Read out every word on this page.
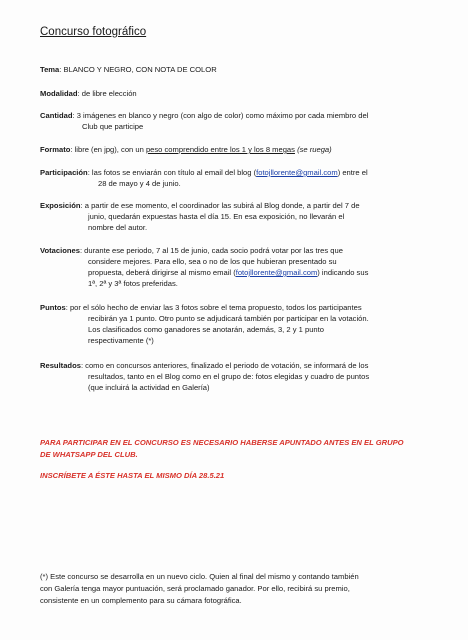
Concurso fotográfico
Tema: BLANCO Y NEGRO, CON NOTA DE COLOR
Modalidad: de libre elección
Cantidad: 3 imágenes en blanco y negro (con algo de color) como máximo por cada miembro del
Club que participe
Formato: libre (en jpg), con un peso comprendido entre los 1 y los 8 megas (se ruega)
Participación: las fotos se enviarán con título al email del blog (fotojllorente@gmail.com) entre el
28 de mayo y 4 de junio.
Exposición: a partir de ese momento, el coordinador las subirá al Blog donde, a partir del 7 de
junio, quedarán expuestas hasta el día 15. En esa exposición, no llevarán el
nombre del autor.
Votaciones: durante ese periodo, 7 al 15 de junio, cada socio podrá votar por las tres que
considere mejores. Para ello, sea o no de los que hubieran presentado su
propuesta, deberá dirigirse al mismo email (fotojllorente@gmail.com) indicando sus
1ª, 2ª y 3ª fotos preferidas.
Puntos: por el sólo hecho de enviar las 3 fotos sobre el tema propuesto, todos los participantes
recibirán ya 1 punto. Otro punto se adjudicará también por participar en la votación.
Los clasificados como ganadores se anotarán, además, 3, 2 y 1 punto
respectivamente (*)
Resultados: como en concursos anteriores, finalizado el periodo de votación, se informará de los
resultados, tanto en el Blog como en el grupo de: fotos elegidas y cuadro de puntos
(que incluirá la actividad en Galería)
PARA PARTICIPAR EN EL CONCURSO ES NECESARIO HABERSE APUNTADO ANTES EN EL GRUPO
DE WHATSAPP DEL CLUB.
INSCRÍBETE A ÉSTE HASTA EL MISMO DÍA 28.5.21
(*) Este concurso se desarrolla en un nuevo ciclo. Quien al final del mismo y contando también
con Galería tenga mayor puntuación, será proclamado ganador. Por ello, recibirá su premio,
consistente en un complemento para su cámara fotográfica.
